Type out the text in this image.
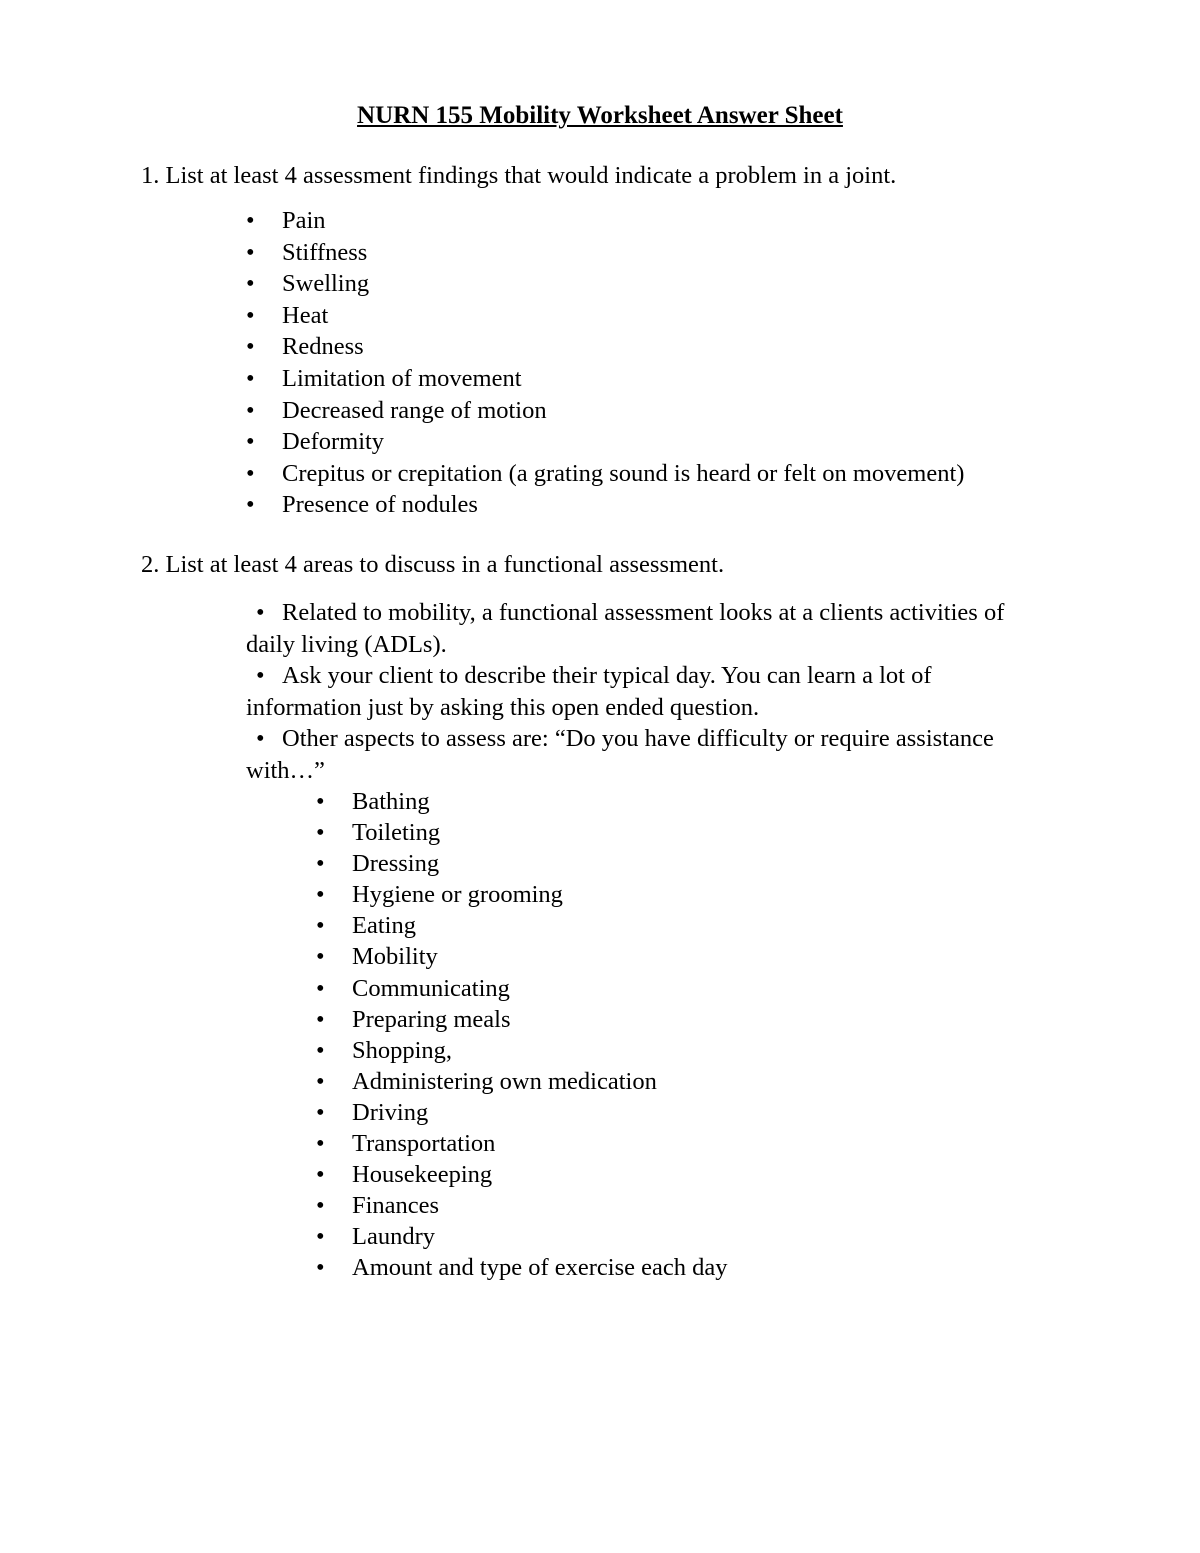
NURN 155 Mobility Worksheet Answer Sheet
1. List at least 4 assessment findings that would indicate a problem in a joint.
• Pain
• Stiffness
• Swelling
• Heat
• Redness
• Limitation of movement
• Decreased range of motion
• Deformity
• Crepitus or crepitation (a grating sound is heard or felt on movement)
• Presence of nodules
2. List at least 4 areas to discuss in a functional assessment.
• Related to mobility, a functional assessment looks at a clients activities of daily living (ADLs).
• Ask your client to describe their typical day. You can learn a lot of information just by asking this open ended question.
• Other aspects to assess are: “Do you have difficulty or require assistance with…”
• Bathing
• Toileting
• Dressing
• Hygiene or grooming
• Eating
• Mobility
• Communicating
• Preparing meals
• Shopping,
• Administering own medication
• Driving
• Transportation
• Housekeeping
• Finances
• Laundry
• Amount and type of exercise each day
